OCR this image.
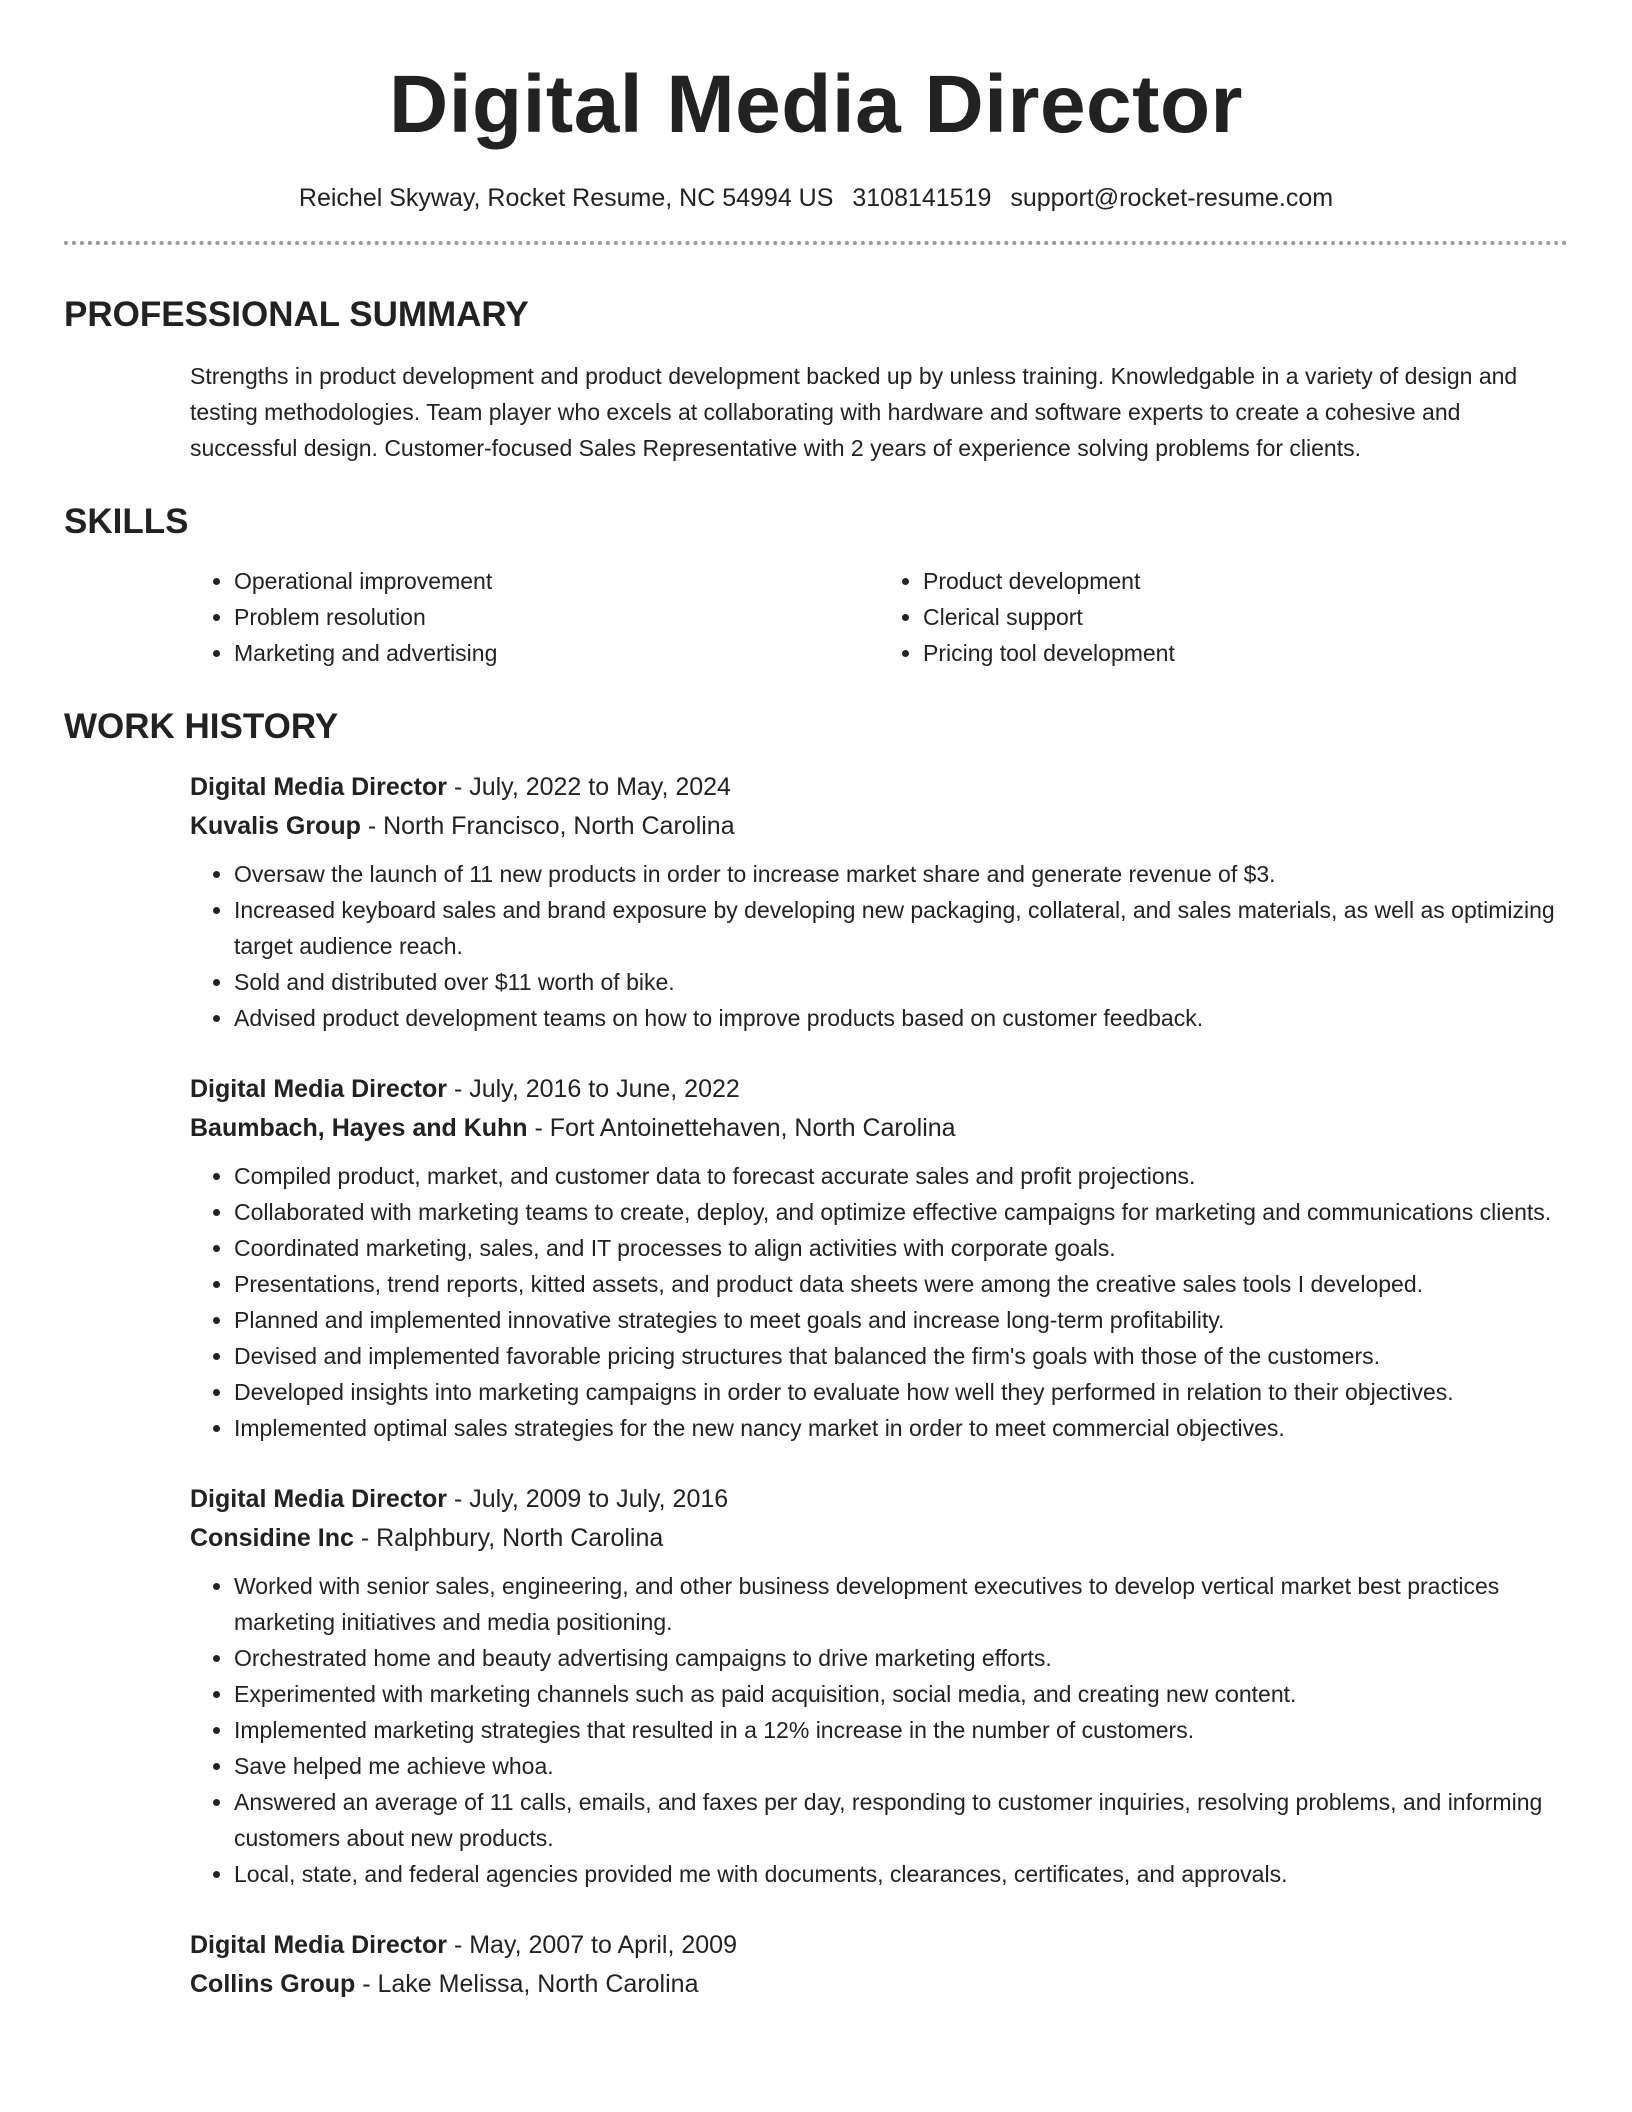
Digital Media Director
Reichel Skyway, Rocket Resume, NC 54994 US 3108141519 support@rocket-resume.com
PROFESSIONAL SUMMARY
Strengths in product development and product development backed up by unless training. Knowledgable in a variety of design and testing methodologies. Team player who excels at collaborating with hardware and software experts to create a cohesive and successful design. Customer-focused Sales Representative with 2 years of experience solving problems for clients.
SKILLS
• Operational improvement
• Problem resolution
• Marketing and advertising
• Product development
• Clerical support
• Pricing tool development
WORK HISTORY
Digital Media Director - July, 2022 to May, 2024
Kuvalis Group - North Francisco, North Carolina
• Oversaw the launch of 11 new products in order to increase market share and generate revenue of $3.
• Increased keyboard sales and brand exposure by developing new packaging, collateral, and sales materials, as well as optimizing target audience reach.
• Sold and distributed over $11 worth of bike.
• Advised product development teams on how to improve products based on customer feedback.
Digital Media Director - July, 2016 to June, 2022
Baumbach, Hayes and Kuhn - Fort Antoinettehaven, North Carolina
• Compiled product, market, and customer data to forecast accurate sales and profit projections.
• Collaborated with marketing teams to create, deploy, and optimize effective campaigns for marketing and communications clients.
• Coordinated marketing, sales, and IT processes to align activities with corporate goals.
• Presentations, trend reports, kitted assets, and product data sheets were among the creative sales tools I developed.
• Planned and implemented innovative strategies to meet goals and increase long-term profitability.
• Devised and implemented favorable pricing structures that balanced the firm's goals with those of the customers.
• Developed insights into marketing campaigns in order to evaluate how well they performed in relation to their objectives.
• Implemented optimal sales strategies for the new nancy market in order to meet commercial objectives.
Digital Media Director - July, 2009 to July, 2016
Considine Inc - Ralphbury, North Carolina
• Worked with senior sales, engineering, and other business development executives to develop vertical market best practices marketing initiatives and media positioning.
• Orchestrated home and beauty advertising campaigns to drive marketing efforts.
• Experimented with marketing channels such as paid acquisition, social media, and creating new content.
• Implemented marketing strategies that resulted in a 12% increase in the number of customers.
• Save helped me achieve whoa.
• Answered an average of 11 calls, emails, and faxes per day, responding to customer inquiries, resolving problems, and informing customers about new products.
• Local, state, and federal agencies provided me with documents, clearances, certificates, and approvals.
Digital Media Director - May, 2007 to April, 2009
Collins Group - Lake Melissa, North Carolina
